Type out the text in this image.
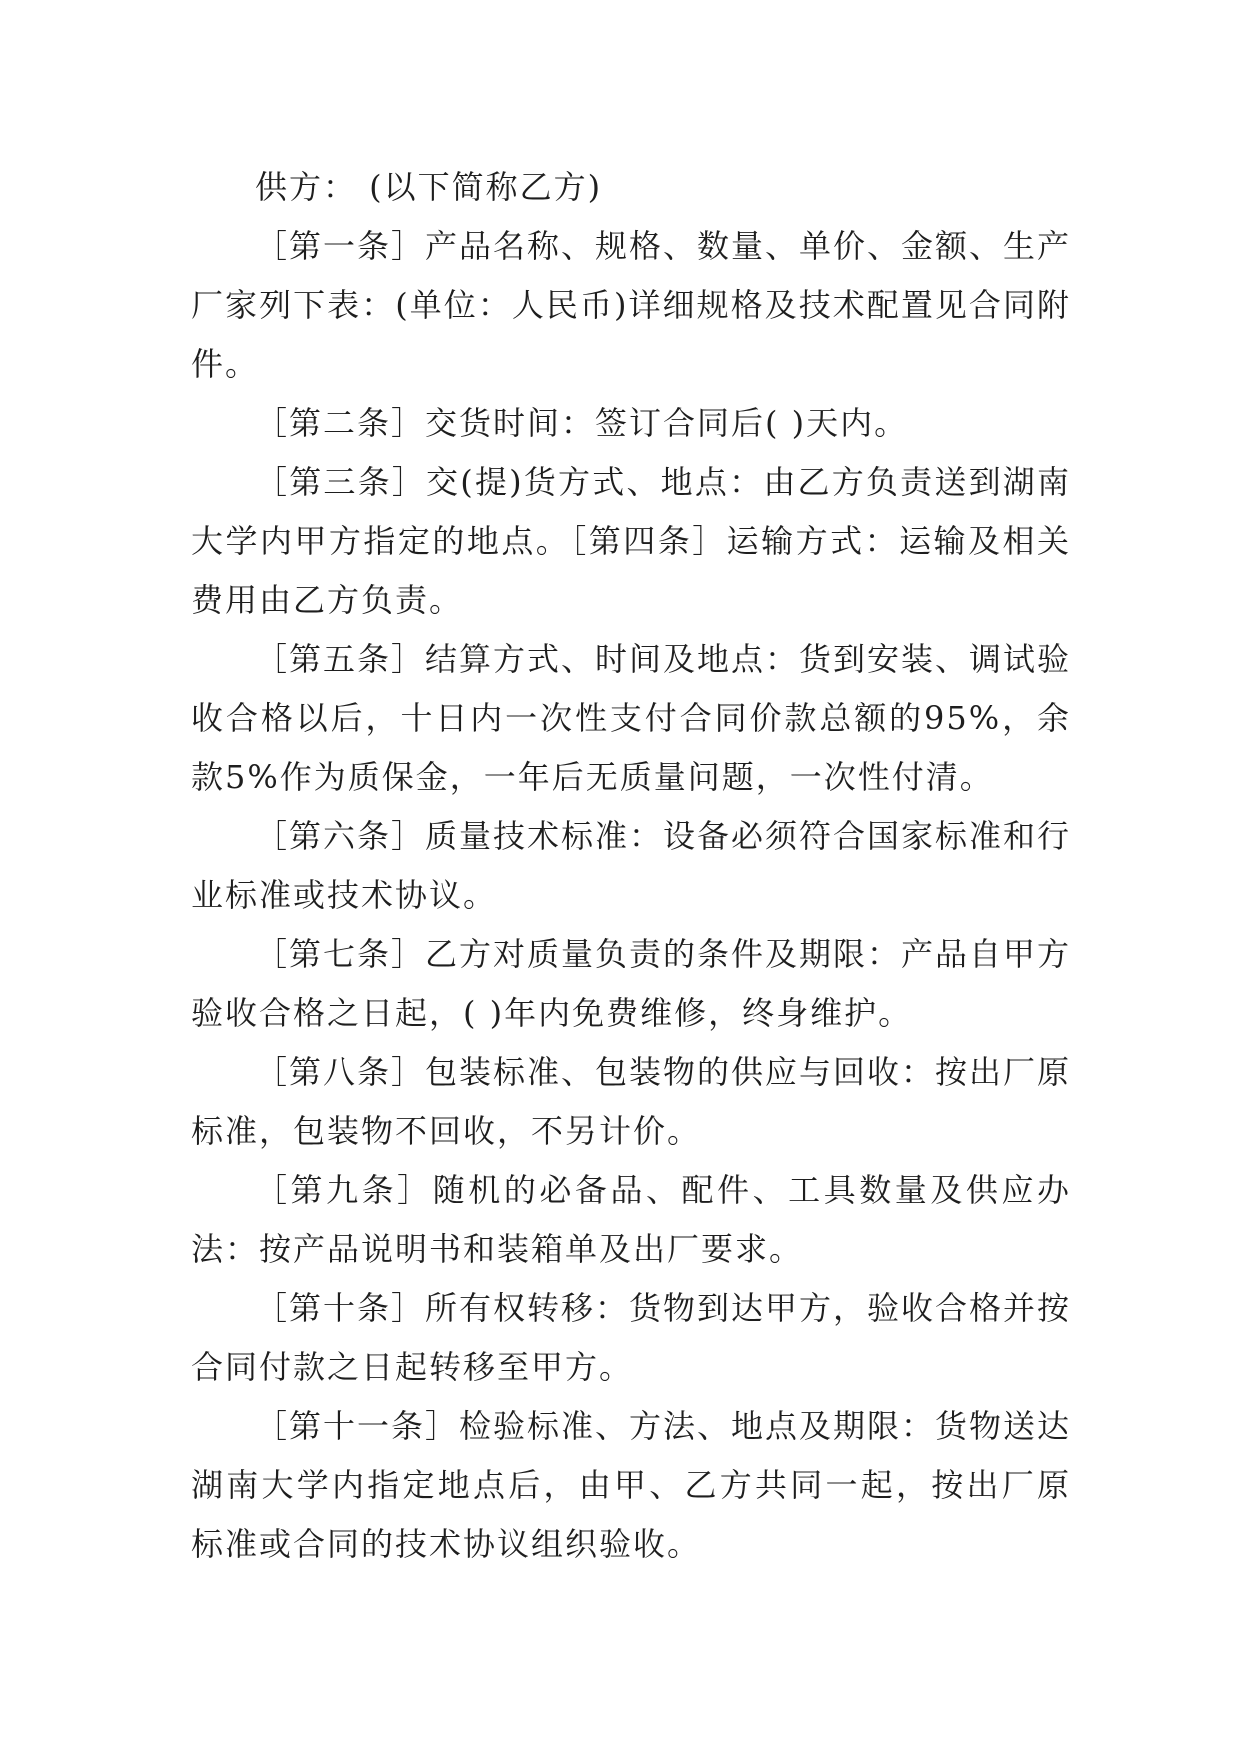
供方： (以下简称乙方)

［第一条］产品名称、规格、数量、单价、金额、生产厂家列下表：(单位：人民币)详细规格及技术配置见合同附件。

［第二条］交货时间：签订合同后( )天内。

［第三条］交(提)货方式、地点：由乙方负责送到湖南大学内甲方指定的地点。［第四条］运输方式：运输及相关费用由乙方负责。

［第五条］结算方式、时间及地点：货到安装、调试验收合格以后，十日内一次性支付合同价款总额的95%，余款5%作为质保金，一年后无质量问题，一次性付清。

［第六条］质量技术标准：设备必须符合国家标准和行业标准或技术协议。

［第七条］乙方对质量负责的条件及期限：产品自甲方验收合格之日起，( )年内免费维修，终身维护。

［第八条］包装标准、包装物的供应与回收：按出厂原标准，包装物不回收，不另计价。

［第九条］随机的必备品、配件、工具数量及供应办法：按产品说明书和装箱单及出厂要求。

［第十条］所有权转移：货物到达甲方，验收合格并按合同付款之日起转移至甲方。

［第十一条］检验标准、方法、地点及期限：货物送达湖南大学内指定地点后，由甲、乙方共同一起，按出厂原标准或合同的技术协议组织验收。
